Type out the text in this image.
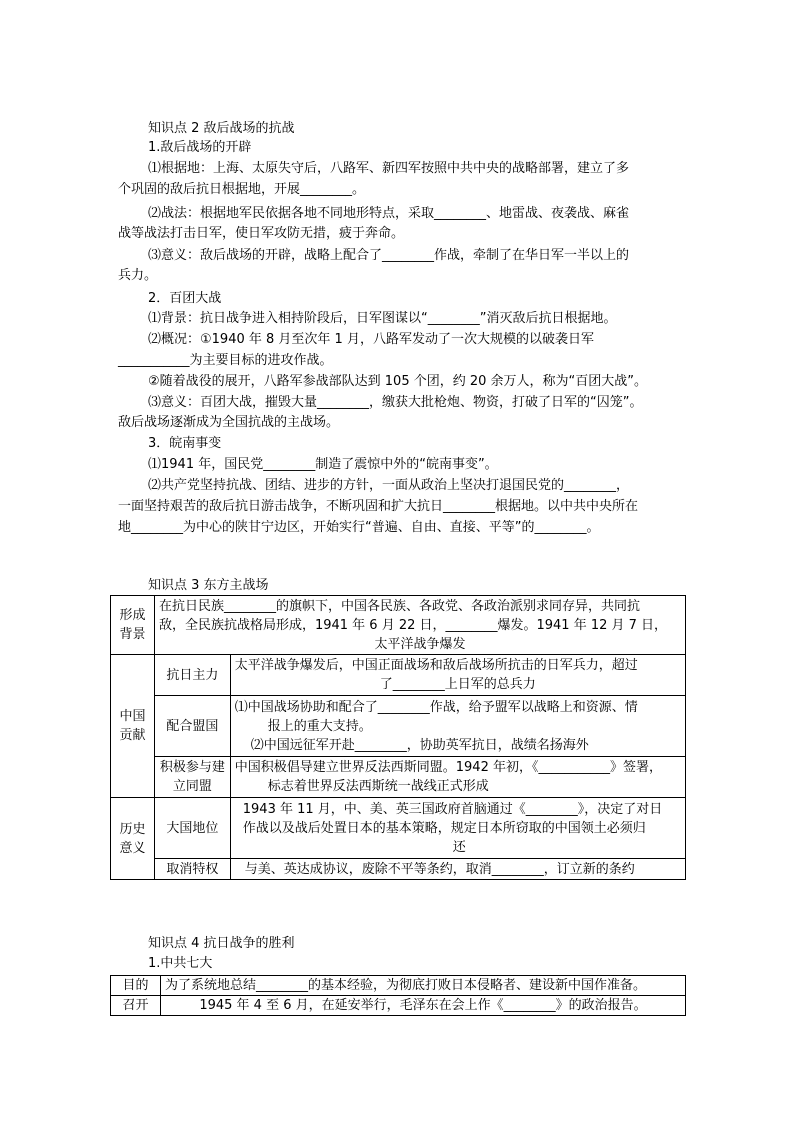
知识点 2 敌后战场的抗战
1.敌后战场的开辟
⑴根据地：上海、太原失守后，八路军、新四军按照中共中央的战略部署，建立了多
个巩固的敌后抗日根据地，开展________。
⑵战法：根据地军民依据各地不同地形特点，采取________、地雷战、夜袭战、麻雀
战等战法打击日军，使日军攻防无措，疲于奔命。
⑶意义：敌后战场的开辟，战略上配合了________作战，牵制了在华日军一半以上的
兵力。
2．百团大战
⑴背景：抗日战争进入相持阶段后，日军图谋以“________”消灭敌后抗日根据地。
⑵概况：①1940 年 8 月至次年 1 月，八路军发动了一次大规模的以破袭日军
___________为主要目标的进攻作战。
②随着战役的展开，八路军参战部队达到 105 个团，约 20 余万人，称为“百团大战”。
⑶意义：百团大战，摧毁大量________，缴获大批枪炮、物资，打破了日军的“囚笼”。
敌后战场逐渐成为全国抗战的主战场。
3．皖南事变
⑴1941 年，国民党________制造了震惊中外的“皖南事变”。
⑵共产党坚持抗战、团结、进步的方针，一面从政治上坚决打退国民党的________，
一面坚持艰苦的敌后抗日游击战争，不断巩固和扩大抗日________根据地。以中共中央所在
地________为中心的陕甘宁边区，开始实行“普遍、自由、直接、平等”的________。
知识点 3 东方主战场
形成背景	在抗日民族________的旗帜下，中国各民族、各政党、各政治派别求同存异，共同抗
敌，全民族抗战格局形成，1941 年 6 月 22 日，________爆发。1941 年 12 月 7 日，
太平洋战争爆发	

中国贡献	抗日主力	太平洋战争爆发后，中国正面战场和敌后战场所抗击的日军兵力，超过
了________上日军的总兵力

	配合盟国	⑴中国战场协助和配合了________作战，给予盟军以战略上和资源、情
报上的重大支持。
⑵中国远征军开赴________，协助英军抗日，战绩名扬海外

	积极参与建立同盟	中国积极倡导建立世界反法西斯同盟。1942 年初，《___________》签署，
标志着世界反法西斯统一战线正式形成

历史意义	大国地位	1943 年 11 月，中、美、英三国政府首脑通过《________》，决定了对日
作战以及战后处置日本的基本策略，规定日本所窃取的中国领土必须归
还

	取消特权	与美、英达成协议，废除不平等条约，取消________，订立新的条约
知识点 4 抗日战争的胜利
1.中共七大
目的	为了系统地总结________的基本经验，为彻底打败日本侵略者、建设新中国作准备。
召开	1945 年 4 至 6 月，在延安举行，毛泽东在会上作《________》的政治报告。
